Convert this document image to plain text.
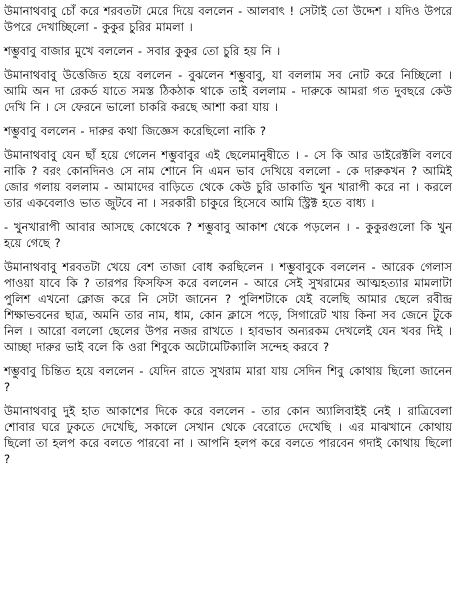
উমানাথবাবু চোঁ করে শরবতটা মেরে দিয়ে বললেন - আলবাৎ ! সেটাই তো উদ্দেশ । যদিও উপরে উপরে দেখাচ্ছিলো - কুকুর চুরির মামলা ।

শম্ভুবাবু বাজার মুখে বললেন - সবার কুকুর তো চুরি হয় নি ।

উমানাথবাবু উত্তেজিত হয়ে বললেন - বুঝলেন শম্ভুবাবু, যা বললাম সব নোট করে নিচ্ছিলো । আমি অন দা রেকর্ড যাতে সমস্ত ঠিকঠাক থাকে তাই বললাম - দারুকে আমরা গত দুবছরে কেউ দেখি নি । সে ফেরনে ভালো চাকরি করছে আশা করা যায় ।

শম্ভুবাবু বললেন - দারুর কথা জিজ্ঞেস করেছিলো নাকি ?

উমানাথবাবু যেন ছাঁ হয়ে গেলেন শম্ভুবাবুর এই ছেলেমানুষীতে । - সে কি আর ডাইরেক্টলি বলবে নাকি ? বরং কোনদিনও সে নাম শোনে নি এমন ভাব দেখিয়ে বললো - কে দারুকখন ? আমিই জোর গলায় বললাম - আমাদের বাড়িতে থেকে কেউ চুরি ডাকাতি খুন খারাপী করে না । করলে তার একবেলাও ভাত জুটবে না । সরকারী চাকুরে হিসেবে আমি স্ট্রিক্ট হতে বাধ্য ।

- খুনখারাপী আবার আসছে কোথেকে ? শম্ভুবাবু আকাশ থেকে পড়লেন । - কুকুরগুলো কি খুন হয়ে গেছে ?

উমানাথবাবু শরবতটা খেয়ে বেশ তাজা বোধ করছিলেন । শম্ভুবাবুকে বললেন - আরেক গেলাস পাওয়া যাবে কি ? তারপর ফিসফিস করে বললেন - আরে সেই সুখরামের আত্মহত্যার মামলাটা পুলিশ এখনো ক্লোজ করে নি সেটা জানেন ? পুলিশটাকে যেই বলেছি আমার ছেলে রবীন্দ্র শিক্ষাভবনের ছাত্র, অমনি তার নাম, ধাম, কোন ক্লাসে পড়ে, সিগারেট খায় কিনা সব জেনে টুকে নিল । আরো বললো ছেলের উপর নজর রাখতে । হাবভাব অন্যরকম দেখলেই যেন খবর দিই । আচ্ছা দারুর ভাই বলে কি ওরা শিবুকে অটোমেটিক্যালি সন্দেহ করবে ?

শম্ভুবাবু চিন্তিত হয়ে বললেন - যেদিন রাতে সুখরাম মারা যায় সেদিন শিবু কোথায় ছিলো জানেন ?

উমানাথবাবু দুই হাত আকাশের দিকে করে বললেন - তার কোন অ্যালিবাইই নেই । রাত্রিবেলা শোবার ঘরে ঢুকতে দেখেছি, সকালে সেখান থেকে বেরোতে দেখেছি । এর মাঝখানে কোথায় ছিলো তা হলপ করে বলতে পারবো না । আপনি হলপ করে বলতে পারবেন গদাই কোথায় ছিলো ?
